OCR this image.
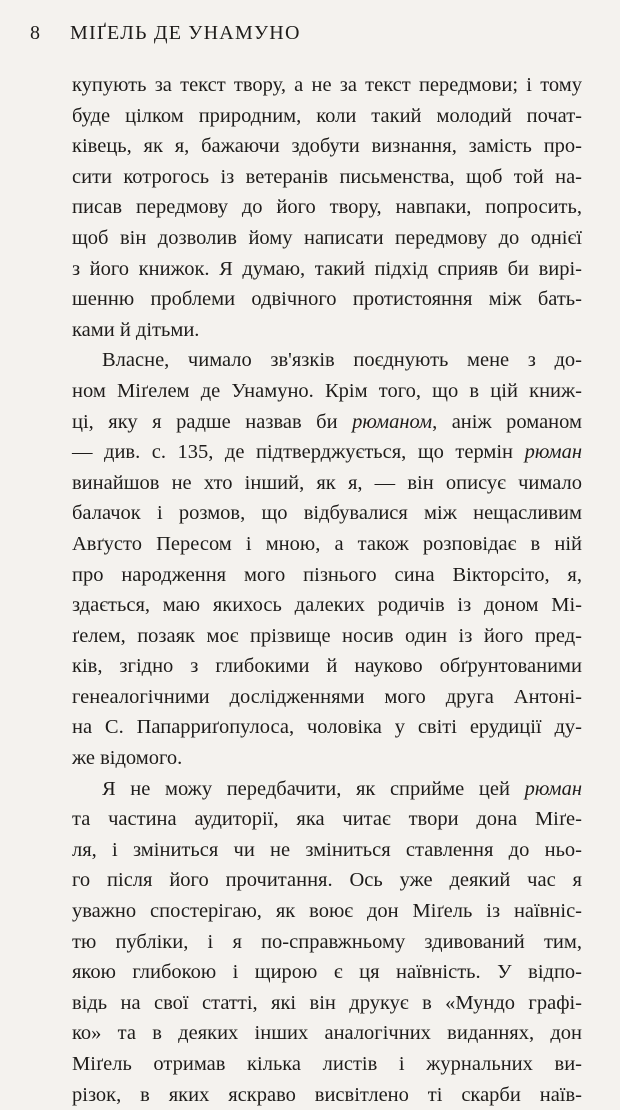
8 МІҐЕЛЬ ДЕ УНАМУНО
купують за текст твору, а не за текст передмови; і тому
буде цілком природним, коли такий молодий почат-
ківець, як я, бажаючи здобути визнання, замість про-
сити котрогось із ветеранів письменства, щоб той на-
писав передмову до його твору, навпаки, попросить,
щоб він дозволив йому написати передмову до однієї
з його книжок. Я думаю, такий підхід сприяв би вирі-
шенню проблеми одвічного протистояння між бать-
ками й дітьми.
Власне, чимало зв'язків поєднують мене з до-
ном Міґелем де Унамуно. Крім того, що в цій книж-
ці, яку я радше назвав би рюманом, аніж романом
— див. с. 135, де підтверджується, що термін рюман
винайшов не хто інший, як я, — він описує чимало
балачок і розмов, що відбувалися між нещасливим
Авґусто Пересом і мною, а також розповідає в ній
про народження мого пізнього сина Вікторсіто, я,
здається, маю якихось далеких родичів із доном Мі-
ґелем, позаяк моє прізвище носив один із його пред-
ків, згідно з глибокими й науково обґрунтованими
генеалогічними дослідженнями мого друга Антоні-
на С. Папарриґопулоса, чоловіка у світі ерудиції ду-
же відомого.
Я не можу передбачити, як сприйме цей рюман
та частина аудиторії, яка читає твори дона Міґе-
ля, і зміниться чи не зміниться ставлення до ньо-
го після його прочитання. Ось уже деякий час я
уважно спостерігаю, як воює дон Міґель із наївніс-
тю публіки, і я по-справжньому здивований тим,
якою глибокою і щирою є ця наївність. У відпо-
відь на свої статті, які він друкує в «Мундо графі-
ко» та в деяких інших аналогічних виданнях, дон
Міґель отримав кілька листів і журнальних ви-
різок, в яких яскраво висвітлено ті скарби наїв-
